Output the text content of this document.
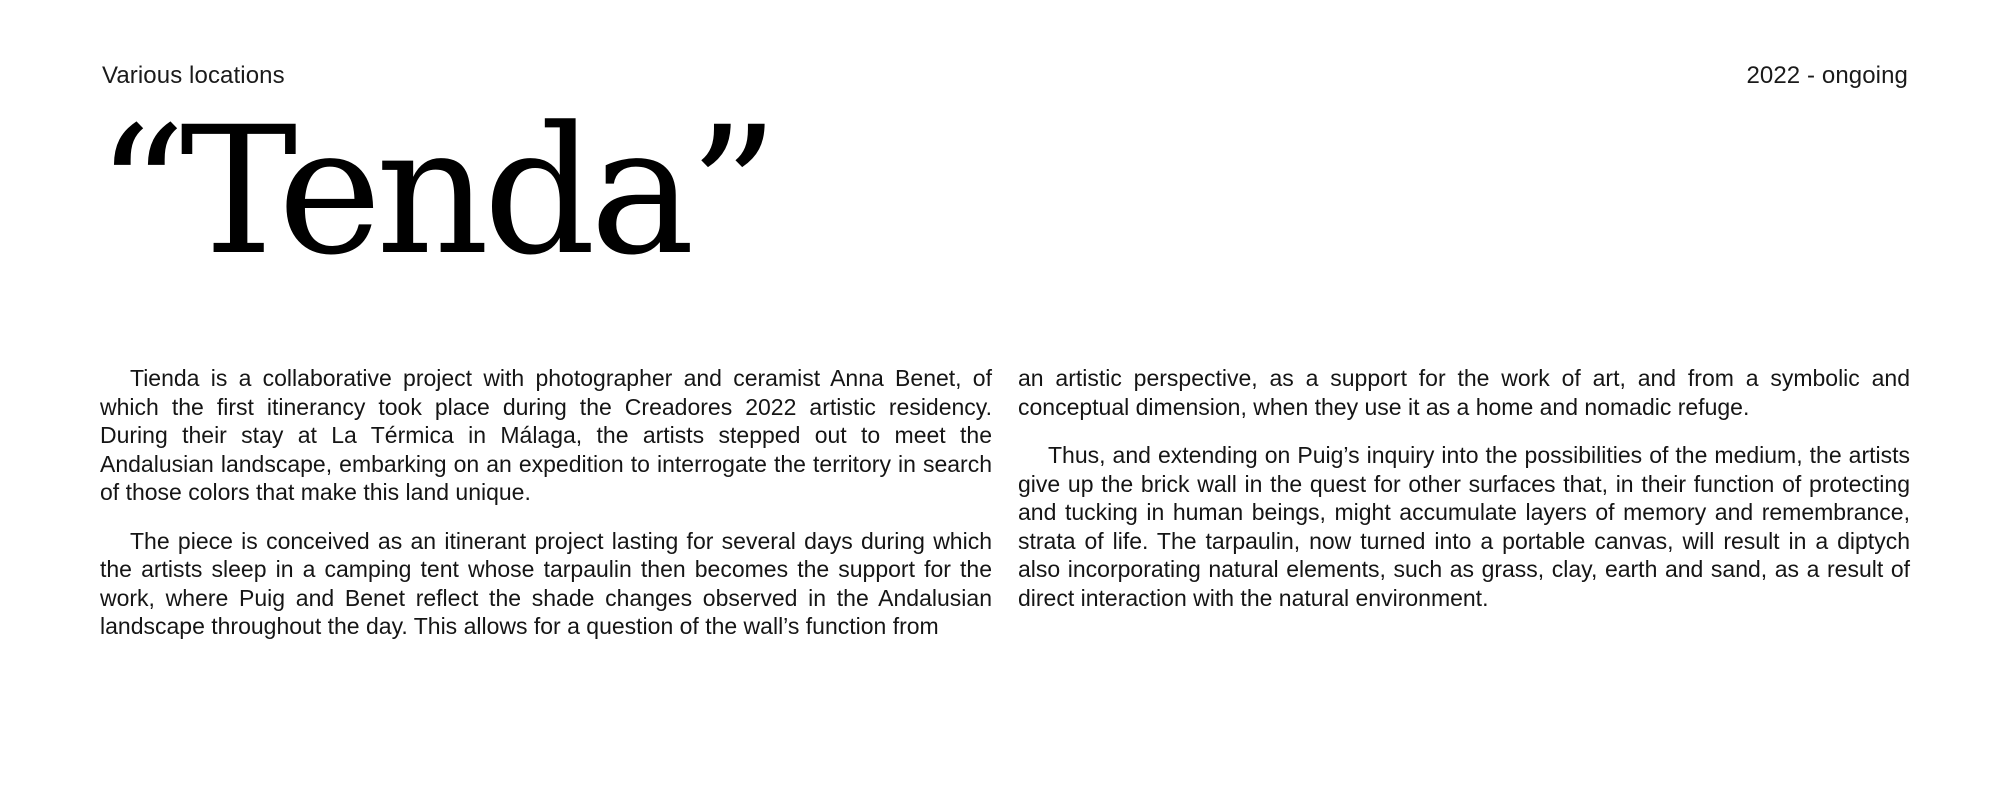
Various locations	2022 - ongoing
“Tenda”

Tienda is a collaborative project with photographer and ceramist Anna Benet, of which the first itinerancy took place during the Creadores 2022 artistic residency. During their stay at La Térmica in Málaga, the artists stepped out to meet the Andalusian landscape, embarking on an expedition to interrogate the territory in search of those colors that make this land unique.

The piece is conceived as an itinerant project lasting for several days during which the artists sleep in a camping tent whose tarpaulin then becomes the support for the work, where Puig and Benet reflect the shade changes observed in the Andalusian landscape throughout the day. This allows for a question of the wall’s function from

an artistic perspective, as a support for the work of art, and from a symbolic and conceptual dimension, when they use it as a home and nomadic refuge.

Thus, and extending on Puig’s inquiry into the possibilities of the medium, the artists give up the brick wall in the quest for other surfaces that, in their function of protecting and tucking in human beings, might accumulate layers of memory and remembrance, strata of life. The tarpaulin, now turned into a portable canvas, will result in a diptych also incorporating natural elements, such as grass, clay, earth and sand, as a result of direct interaction with the natural environment.
